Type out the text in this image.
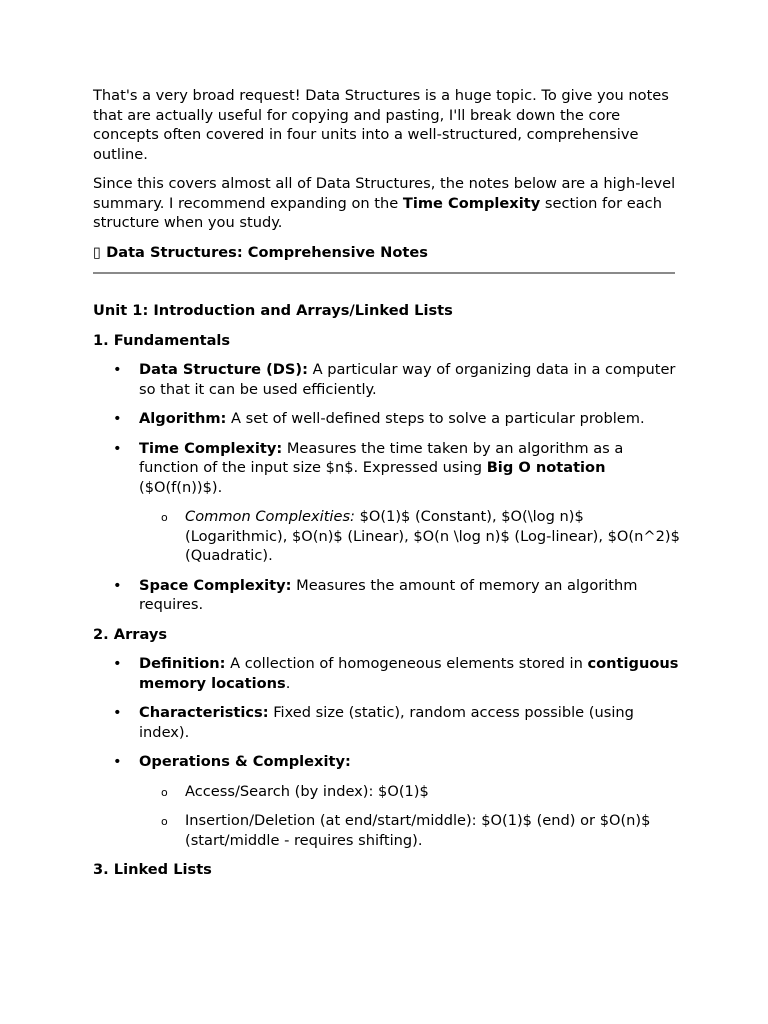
That's a very broad request! Data Structures is a huge topic. To give you notes that are actually useful for copying and pasting, I'll break down the core concepts often covered in four units into a well-structured, comprehensive outline.

Since this covers almost all of Data Structures, the notes below are a high-level summary. I recommend expanding on the Time Complexity section for each structure when you study.

▯ Data Structures: Comprehensive Notes
Unit 1: Introduction and Arrays/Linked Lists
1. Fundamentals
• Data Structure (DS): A particular way of organizing data in a computer so that it can be used efficiently.
• Algorithm: A set of well-defined steps to solve a particular problem.
• Time Complexity: Measures the time taken by an algorithm as a function of the input size $n$. Expressed using Big O notation ($O(f(n))$).
o Common Complexities: $O(1)$ (Constant), $O(\log n)$ (Logarithmic), $O(n)$ (Linear), $O(n \log n)$ (Log-linear), $O(n^2)$ (Quadratic).
• Space Complexity: Measures the amount of memory an algorithm requires.
2. Arrays
• Definition: A collection of homogeneous elements stored in contiguous memory locations.
• Characteristics: Fixed size (static), random access possible (using index).
• Operations & Complexity:
o Access/Search (by index): $O(1)$
o Insertion/Deletion (at end/start/middle): $O(1)$ (end) or $O(n)$ (start/middle - requires shifting).
3. Linked Lists
